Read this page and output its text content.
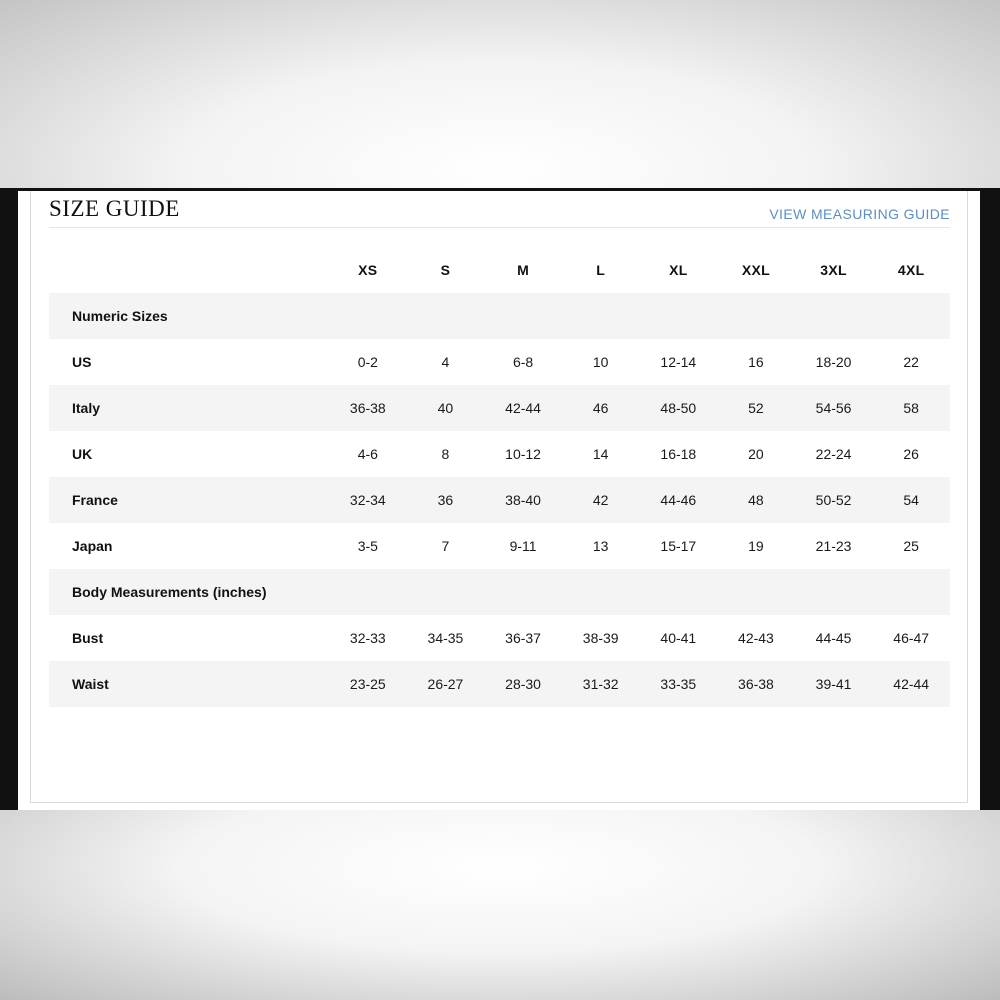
SIZE GUIDE	VIEW MEASURING GUIDE
	XS	S	M	L	XL	XXL	3XL	4XL
Numeric Sizes								
US	0-2	4	6-8	10	12-14	16	18-20	22
Italy	36-38	40	42-44	46	48-50	52	54-56	58
UK	4-6	8	10-12	14	16-18	20	22-24	26
France	32-34	36	38-40	42	44-46	48	50-52	54
Japan	3-5	7	9-11	13	15-17	19	21-23	25
Body Measurements (inches)								
Bust	32-33	34-35	36-37	38-39	40-41	42-43	44-45	46-47
Waist	23-25	26-27	28-30	31-32	33-35	36-38	39-41	42-44
